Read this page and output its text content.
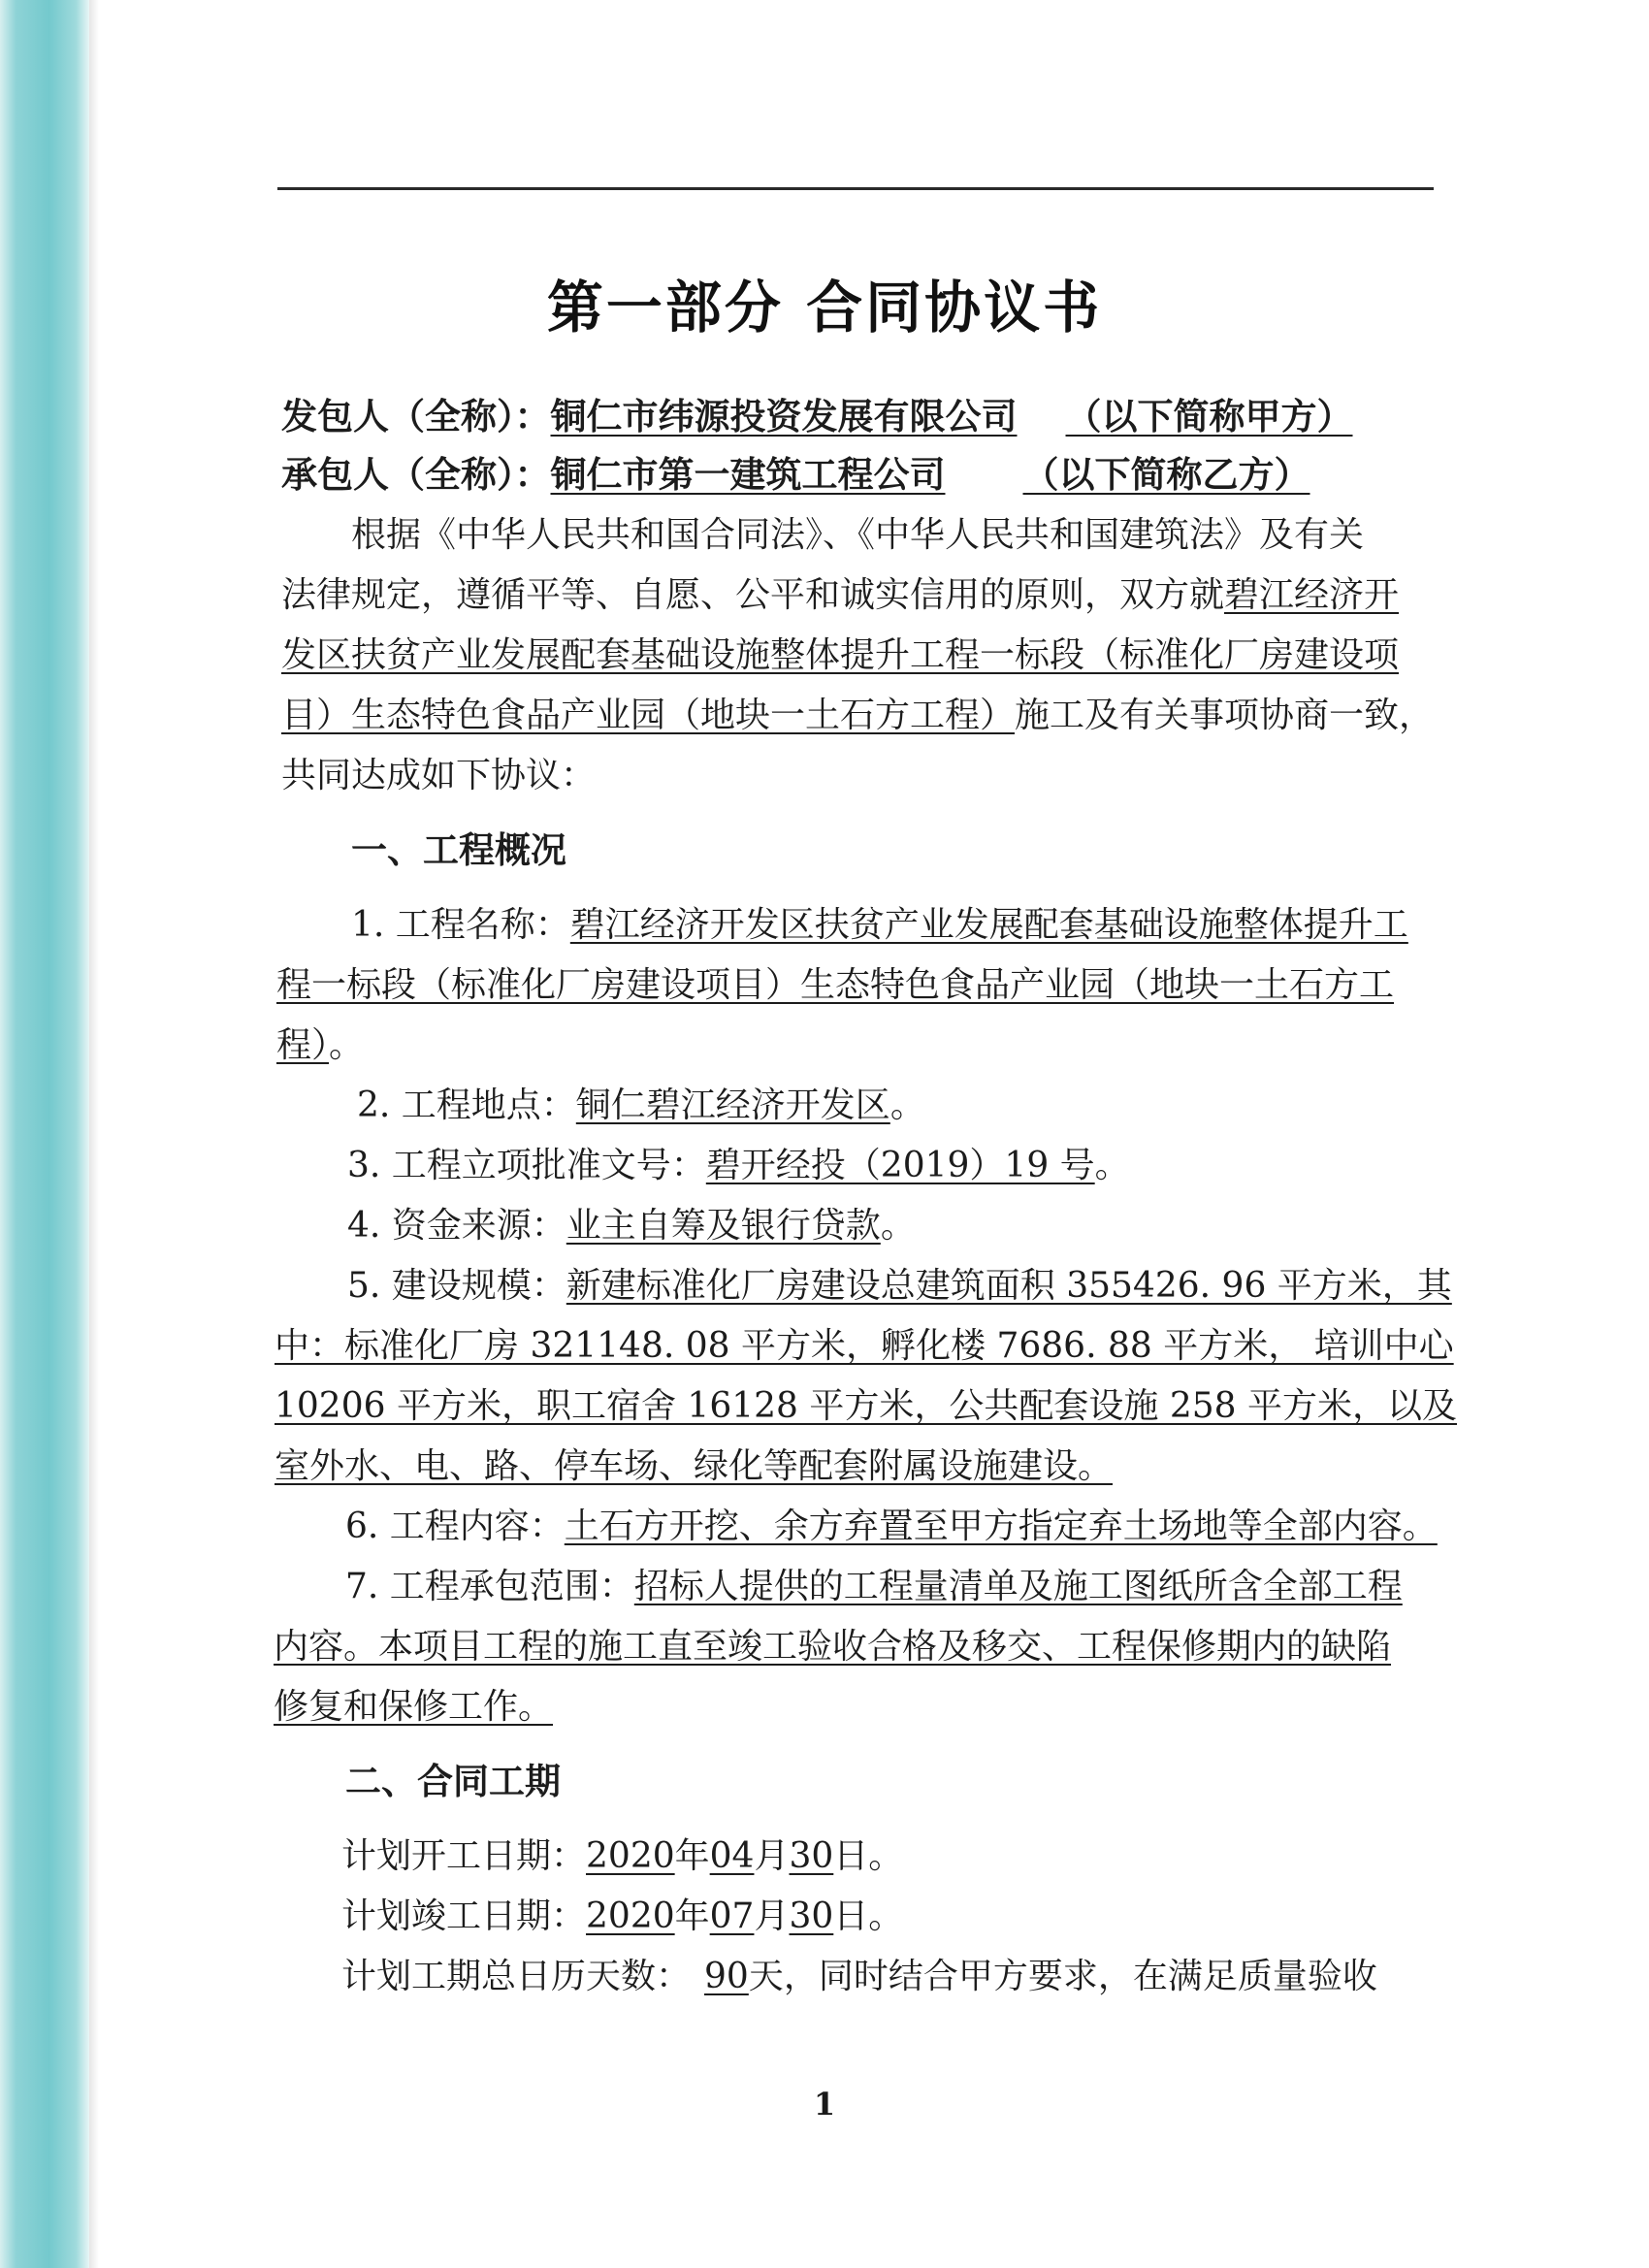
第一部分 合同协议书
发包人（全称）：铜仁市纬源投资发展有限公司 （以下简称甲方）
承包人（全称）：铜仁市第一建筑工程公司 （以下简称乙方）
根据《中华人民共和国合同法》、《中华人民共和国建筑法》及有关
法律规定，遵循平等、自愿、公平和诚实信用的原则，双方就碧江经济开
发区扶贫产业发展配套基础设施整体提升工程一标段（标准化厂房建设项
目）生态特色食品产业园（地块一土石方工程）施工及有关事项协商一致，
共同达成如下协议：
一、工程概况
1. 工程名称：碧江经济开发区扶贫产业发展配套基础设施整体提升工
程一标段（标准化厂房建设项目）生态特色食品产业园（地块一土石方工
程）。
2. 工程地点：铜仁碧江经济开发区。
3. 工程立项批准文号：碧开经投（2019）19 号。
4. 资金来源：业主自筹及银行贷款。
5. 建设规模：新建标准化厂房建设总建筑面积 355426. 96 平方米，其
中：标准化厂房 321148. 08 平方米，孵化楼 7686. 88 平方米， 培训中心
10206 平方米，职工宿舍 16128 平方米，公共配套设施 258 平方米，以及
室外水、电、路、停车场、绿化等配套附属设施建设。
6. 工程内容：土石方开挖、余方弃置至甲方指定弃土场地等全部内容。
7. 工程承包范围：招标人提供的工程量清单及施工图纸所含全部工程
内容。本项目工程的施工直至竣工验收合格及移交、工程保修期内的缺陷
修复和保修工作。
二、合同工期
计划开工日期：2020年04月30日。
计划竣工日期：2020年07月30日。
计划工期总日历天数： 90天，同时结合甲方要求，在满足质量验收
1
